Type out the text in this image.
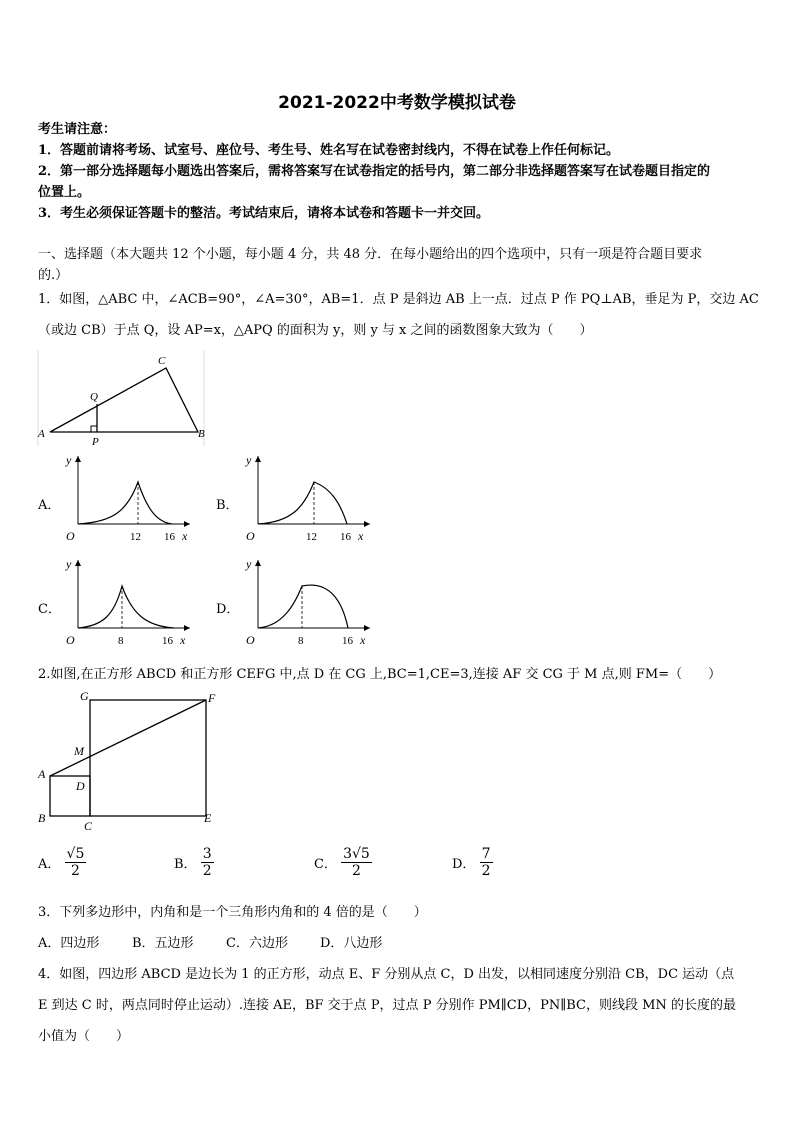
2021-2022中考数学模拟试卷
考生请注意：
1．答题前请将考场、试室号、座位号、考生号、姓名写在试卷密封线内，不得在试卷上作任何标记。
2．第一部分选择题每小题选出答案后，需将答案写在试卷指定的括号内，第二部分非选择题答案写在试卷题目指定的
位置上。
3．考生必须保证答题卡的整洁。考试结束后，请将本试卷和答题卡一并交回。
一、选择题（本大题共 12 个小题，每小题 4 分，共 48 分．在每小题给出的四个选项中，只有一项是符合题目要求
的.）
1．如图，△ABC 中，∠ACB=90°，∠A=30°，AB=1．点 P 是斜边 AB 上一点．过点 P 作 PQ⊥AB，垂足为 P，交边 AC
（或边 CB）于点 Q，设 AP=x，△APQ 的面积为 y，则 y 与 x 之间的函数图象大致为（　　）
A	B
C
P
Q
A．
O	12 16 x
y
B．
O	12 16 x
y
C．
O	8	16 x
y
D．
O	8	16 x
y
2.如图,在正方形 ABCD 和正方形 CEFG 中,点 D 在 CG 上,BC=1,CE=3,连接 AF 交 CG 于 M 点,则 FM=（　　）
G	F
M
A
D
B
C
E
A． $\frac{√5}{2}$	B． $\frac{3}{2}$	C． $\frac{3√5}{2}$	D． $\frac{7}{2}$
3．下列多边形中，内角和是一个三角形内角和的 4 倍的是（　　）
A．四边形	B．五边形 C．六边形 D．八边形
4．如图，四边形 ABCD 是边长为 1 的正方形，动点 E、F 分别从点 C，D 出发，以相同速度分别沿 CB，DC 运动（点
E 到达 C 时，两点同时停止运动）.连接 AE，BF 交于点 P，过点 P 分别作 PM∥CD，PN∥BC，则线段 MN 的长度的最
小值为（　　）
